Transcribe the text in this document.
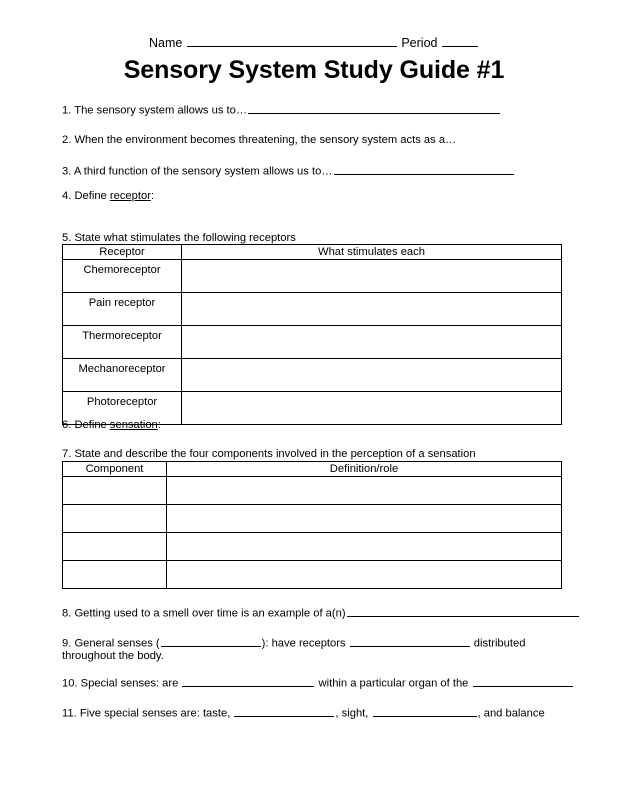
Name	Period
Sensory System Study Guide #1
1. The sensory system allows us to…
2. When the environment becomes threatening, the sensory system acts as a…
3. A third function of the sensory system allows us to…
4. Define receptor:
5. State what stimulates the following receptors
Receptor	What stimulates each
Chemoreceptor	
Pain receptor	
Thermoreceptor	
Mechanoreceptor	
Photoreceptor	
6. Define sensation:
7. State and describe the four components involved in the perception of a sensation
Component	Definition/role

8. Getting used to a smell over time is an example of a(n)
9. General senses (	): have receptors	distributed
throughout the body.
10. Special senses: are	within a particular organ of the
11. Five special senses are: taste,	, sight,	, and balance
